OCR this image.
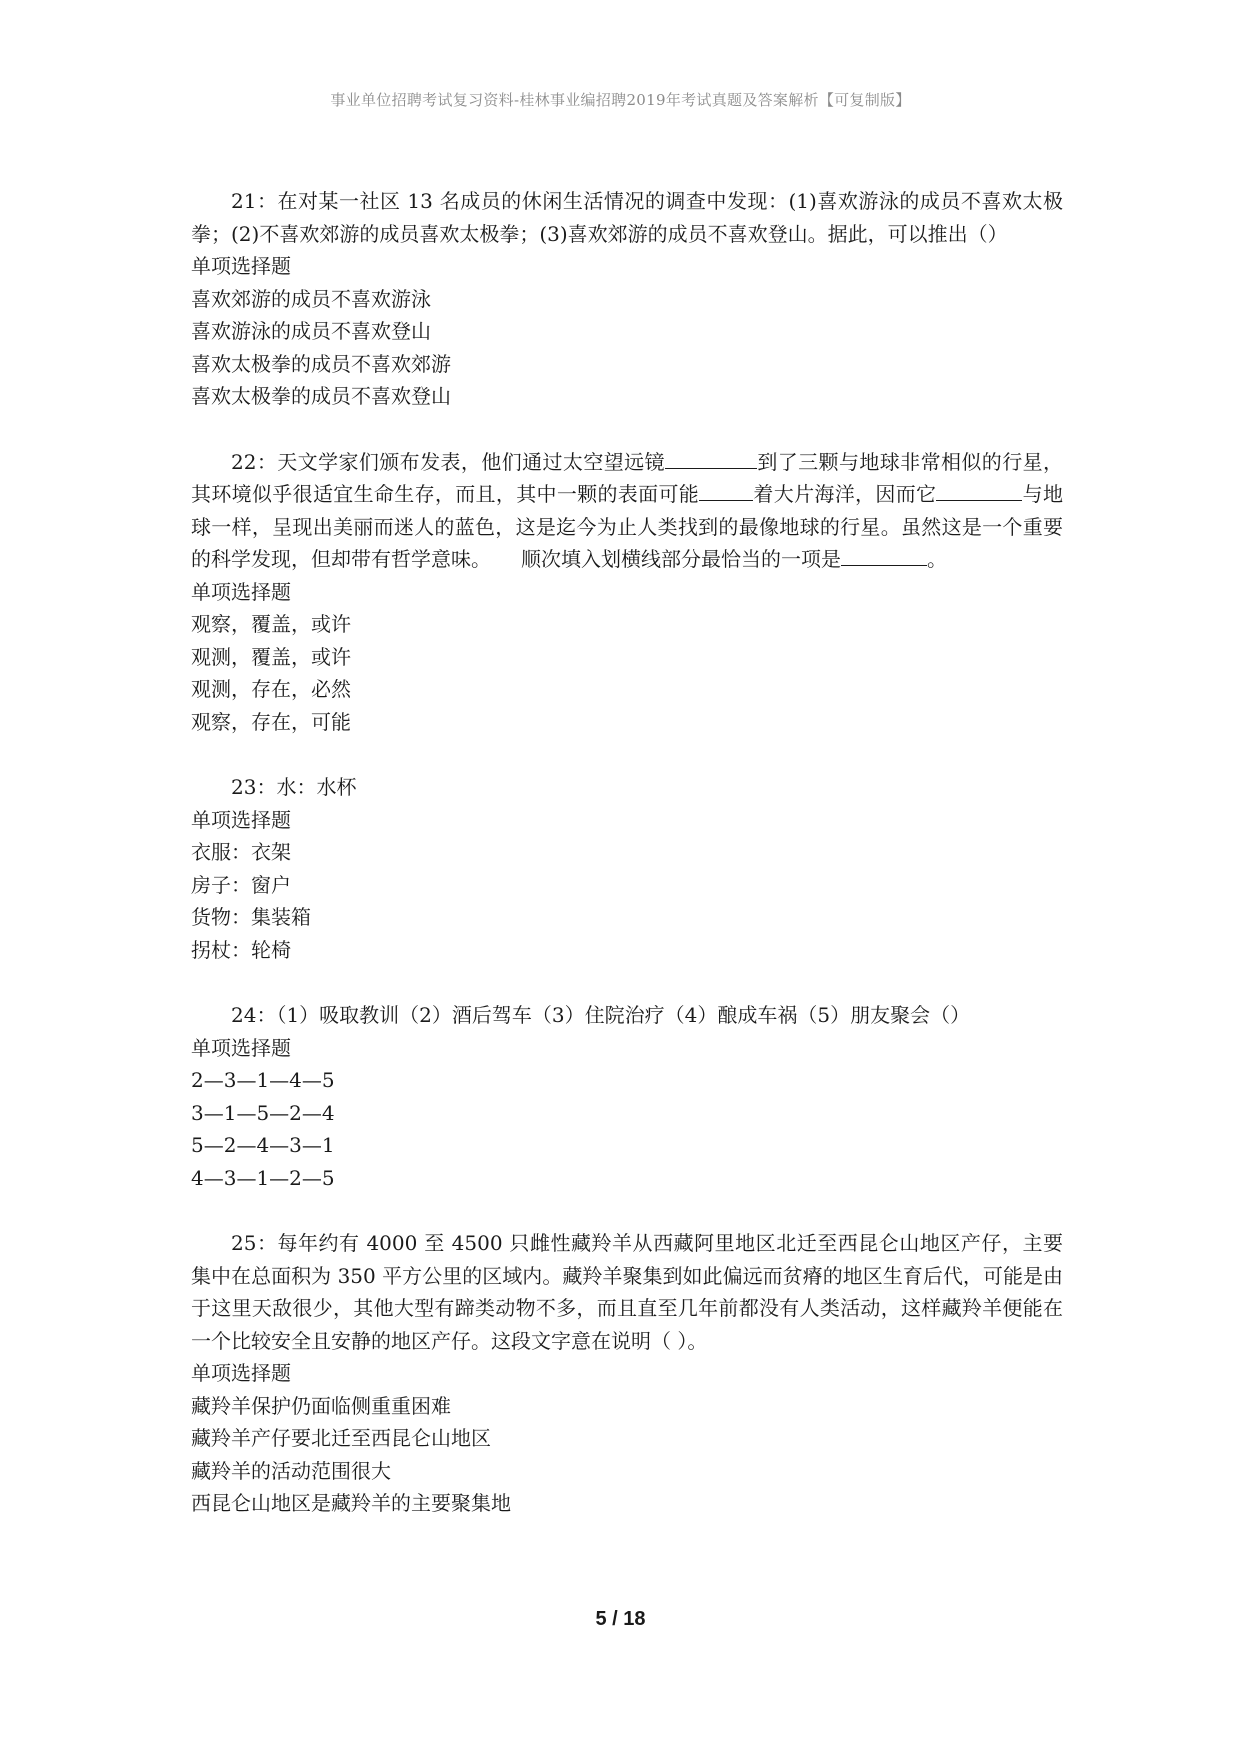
事业单位招聘考试复习资料-桂林事业编招聘2019年考试真题及答案解析【可复制版】

21：在对某一社区 13 名成员的休闲生活情况的调查中发现：(1)喜欢游泳的成员不喜欢太极拳；(2)不喜欢郊游的成员喜欢太极拳；(3)喜欢郊游的成员不喜欢登山。据此，可以推出（）

单项选择题

喜欢郊游的成员不喜欢游泳

喜欢游泳的成员不喜欢登山

喜欢太极拳的成员不喜欢郊游

喜欢太极拳的成员不喜欢登山

22：天文学家们颁布发表，他们通过太空望远镜	到了三颗与地球非常相似的行星，其环境似乎很适宜生命生存，而且，其中一颗的表面可能	着大片海洋，因而它	与地球一样，呈现出美丽而迷人的蓝色，这是迄今为止人类找到的最像地球的行星。虽然这是一个重要的科学发现，但却带有哲学意味。　　顺次填入划横线部分最恰当的一项是	。

单项选择题

观察，覆盖，或许

观测，覆盖，或许

观测，存在，必然

观察，存在，可能

23：水：水杯

单项选择题

衣服：衣架

房子：窗户

货物：集装箱

拐杖：轮椅

24：（1）吸取教训（2）酒后驾车（3）住院治疗（4）酿成车祸（5）朋友聚会（）

单项选择题

2—3—1—4—5

3—1—5—2—4

5—2—4—3—1

4—3—1—2—5

25：每年约有 4000 至 4500 只雌性藏羚羊从西藏阿里地区北迁至西昆仑山地区产仔，主要集中在总面积为 350 平方公里的区域内。藏羚羊聚集到如此偏远而贫瘠的地区生育后代，可能是由于这里天敌很少，其他大型有蹄类动物不多，而且直至几年前都没有人类活动，这样藏羚羊便能在一个比较安全且安静的地区产仔。这段文字意在说明（ ）。

单项选择题

藏羚羊保护仍面临侧重重困难

藏羚羊产仔要北迁至西昆仑山地区

藏羚羊的活动范围很大

西昆仑山地区是藏羚羊的主要聚集地

5 / 18
